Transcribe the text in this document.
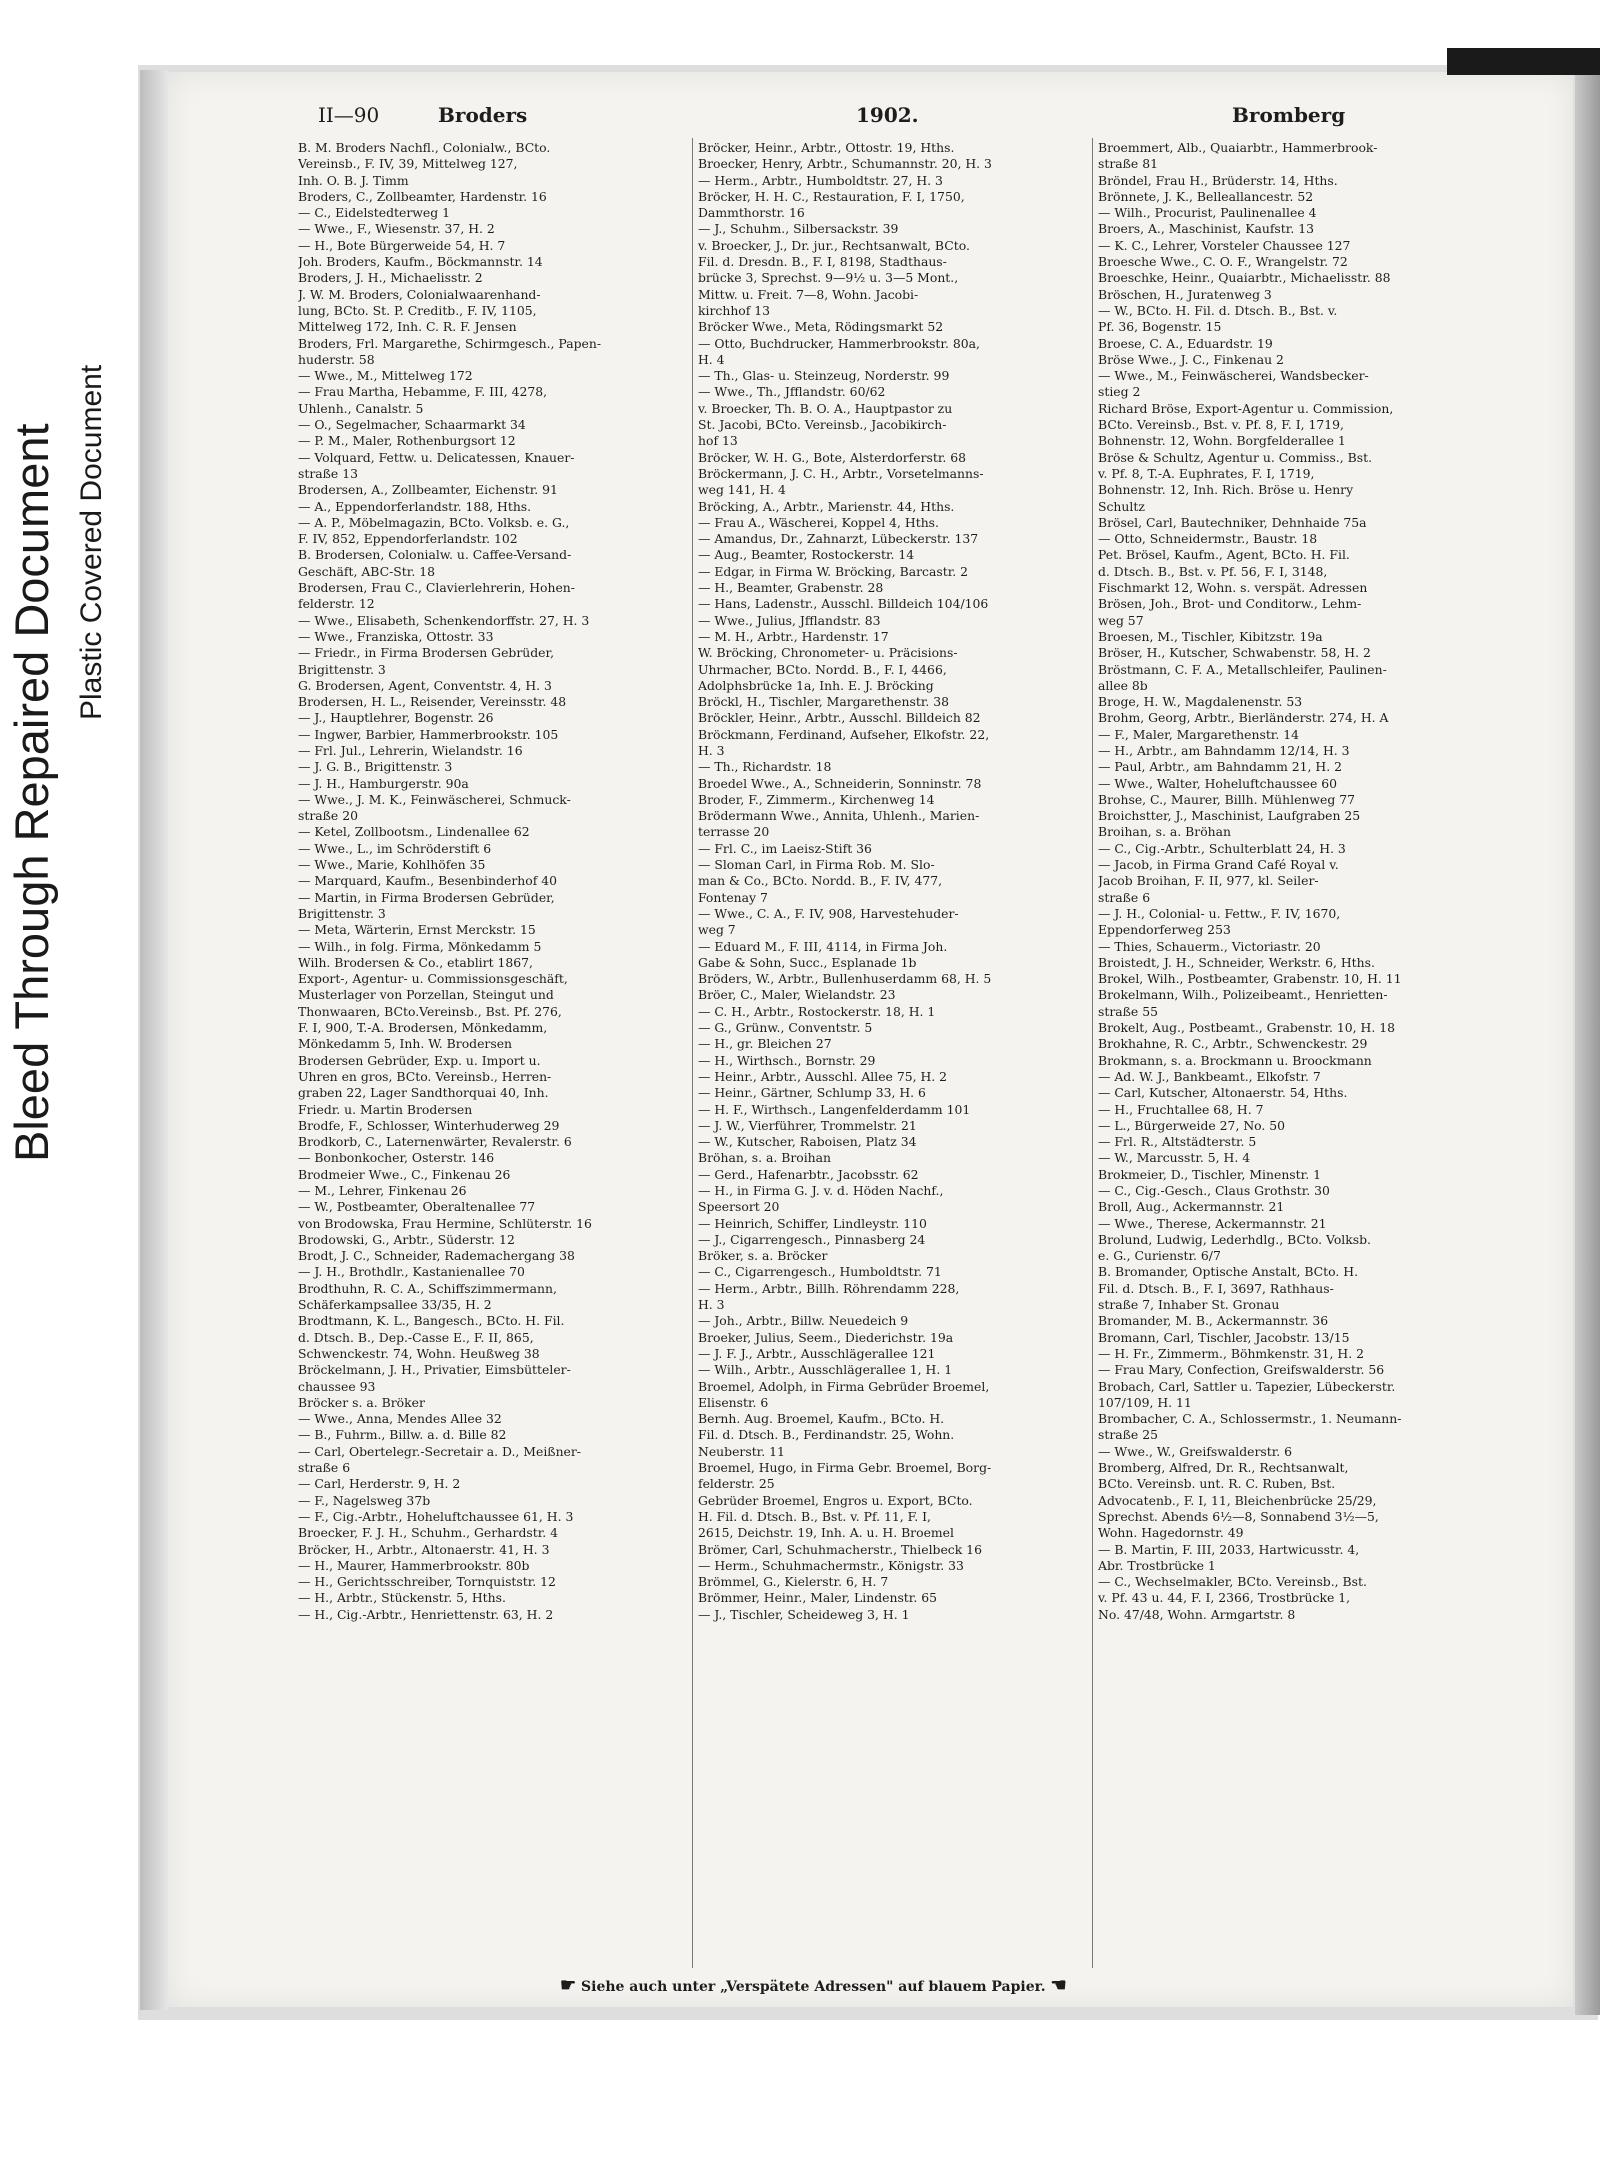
Bleed Through Repaired Document Plastic Covered Document
II—90	Broders	1902.	Bromberg
B. M. Broders Nachfl., Colonialw., BCto.
Vereinsb., F. IV, 39, Mittelweg 127,
Inh. O. B. J. Timm
Broders, C., Zollbeamter, Hardenstr. 16
— C., Eidelstedterweg 1
— Wwe., F., Wiesenstr. 37, H. 2
— H., Bote Bürgerweide 54, H. 7
Joh. Broders, Kaufm., Böckmannstr. 14
Broders, J. H., Michaelisstr. 2
J. W. M. Broders, Colonialwaarenhand-
lung, BCto. St. P. Creditb., F. IV, 1105,
Mittelweg 172, Inh. C. R. F. Jensen
Broders, Frl. Margarethe, Schirmgesch., Papen-
huderstr. 58
— Wwe., M., Mittelweg 172
— Frau Martha, Hebamme, F. III, 4278,
Uhlenh., Canalstr. 5
— O., Segelmacher, Schaarmarkt 34
— P. M., Maler, Rothenburgsort 12
— Volquard, Fettw. u. Delicatessen, Knauer-
straße 13
Brodersen, A., Zollbeamter, Eichenstr. 91
— A., Eppendorferlandstr. 188, Hths.
— A. P., Möbelmagazin, BCto. Volksb. e. G.,
F. IV, 852, Eppendorferlandstr. 102
B. Brodersen, Colonialw. u. Caffee-Versand-
Geschäft, ABC-Str. 18
Brodersen, Frau C., Clavierlehrerin, Hohen-
felderstr. 12
— Wwe., Elisabeth, Schenkendorffstr. 27, H. 3
— Wwe., Franziska, Ottostr. 33
— Friedr., in Firma Brodersen Gebrüder,
Brigittenstr. 3
G. Brodersen, Agent, Conventstr. 4, H. 3
Brodersen, H. L., Reisender, Vereinsstr. 48
— J., Hauptlehrer, Bogenstr. 26
— Ingwer, Barbier, Hammerbrookstr. 105
— Frl. Jul., Lehrerin, Wielandstr. 16
— J. G. B., Brigittenstr. 3
— J. H., Hamburgerstr. 90a
— Wwe., J. M. K., Feinwäscherei, Schmuck-
straße 20
— Ketel, Zollbootsm., Lindenallee 62
— Wwe., L., im Schröderstift 6
— Wwe., Marie, Kohlhöfen 35
— Marquard, Kaufm., Besenbinderhof 40
— Martin, in Firma Brodersen Gebrüder,
Brigittenstr. 3
— Meta, Wärterin, Ernst Merckstr. 15
— Wilh., in folg. Firma, Mönkedamm 5
Wilh. Brodersen & Co., etablirt 1867,
Export-, Agentur- u. Commissionsgeschäft,
Musterlager von Porzellan, Steingut und
Thonwaaren, BCto.Vereinsb., Bst. Pf. 276,
F. I, 900, T.-A. Brodersen, Mönkedamm,
Mönkedamm 5, Inh. W. Brodersen
Brodersen Gebrüder, Exp. u. Import u.
Uhren en gros, BCto. Vereinsb., Herren-
graben 22, Lager Sandthorquai 40, Inh.
Friedr. u. Martin Brodersen
Brodfe, F., Schlosser, Winterhuderweg 29
Brodkorb, C., Laternenwärter, Revalerstr. 6
— Bonbonkocher, Osterstr. 146
Brodmeier Wwe., C., Finkenau 26
— M., Lehrer, Finkenau 26
— W., Postbeamter, Oberaltenallee 77
von Brodowska, Frau Hermine, Schlüterstr. 16
Brodowski, G., Arbtr., Süderstr. 12
Brodt, J. C., Schneider, Rademachergang 38
— J. H., Brothdlr., Kastanienallee 70
Brodthuhn, R. C. A., Schiffszimmermann,
Schäferkampsallee 33/35, H. 2
Brodtmann, K. L., Bangesch., BCto. H. Fil.
d. Dtsch. B., Dep.-Casse E., F. II, 865,
Schwenckestr. 74, Wohn. Heußweg 38
Bröckelmann, J. H., Privatier, Eimsbütteler-
chaussee 93
Bröcker s. a. Bröker
— Wwe., Anna, Mendes Allee 32
— B., Fuhrm., Billw. a. d. Bille 82
— Carl, Obertelegr.-Secretair a. D., Meißner-
straße 6
— Carl, Herderstr. 9, H. 2
— F., Nagelsweg 37b
— F., Cig.-Arbtr., Hoheluftchaussee 61, H. 3
Broecker, F. J. H., Schuhm., Gerhardstr. 4
Bröcker, H., Arbtr., Altonaerstr. 41, H. 3
— H., Maurer, Hammerbrookstr. 80b
— H., Gerichtsschreiber, Tornquiststr. 12
— H., Arbtr., Stückenstr. 5, Hths.
— H., Cig.-Arbtr., Henriettenstr. 63, H. 2
Bröcker, Heinr., Arbtr., Ottostr. 19, Hths.
Broecker, Henry, Arbtr., Schumannstr. 20, H. 3
— Herm., Arbtr., Humboldtstr. 27, H. 3
Bröcker, H. H. C., Restauration, F. I, 1750,
Dammthorstr. 16
— J., Schuhm., Silbersackstr. 39
v. Broecker, J., Dr. jur., Rechtsanwalt, BCto.
Fil. d. Dresdn. B., F. I, 8198, Stadthaus-
brücke 3, Sprechst. 9—9½ u. 3—5 Mont.,
Mittw. u. Freit. 7—8, Wohn. Jacobi-
kirchhof 13
Bröcker Wwe., Meta, Rödingsmarkt 52
— Otto, Buchdrucker, Hammerbrookstr. 80a,
H. 4
— Th., Glas- u. Steinzeug, Norderstr. 99
— Wwe., Th., Jfflandstr. 60/62
v. Broecker, Th. B. O. A., Hauptpastor zu
St. Jacobi, BCto. Vereinsb., Jacobikirch-
hof 13
Bröcker, W. H. G., Bote, Alsterdorferstr. 68
Bröckermann, J. C. H., Arbtr., Vorsetelmanns-
weg 141, H. 4
Bröcking, A., Arbtr., Marienstr. 44, Hths.
— Frau A., Wäscherei, Koppel 4, Hths.
— Amandus, Dr., Zahnarzt, Lübeckerstr. 137
— Aug., Beamter, Rostockerstr. 14
— Edgar, in Firma W. Bröcking, Barcastr. 2
— H., Beamter, Grabenstr. 28
— Hans, Ladenstr., Ausschl. Billdeich 104/106
— Wwe., Julius, Jfflandstr. 83
— M. H., Arbtr., Hardenstr. 17
W. Bröcking, Chronometer- u. Präcisions-
Uhrmacher, BCto. Nordd. B., F. I, 4466,
Adolphsbrücke 1a, Inh. E. J. Bröcking
Bröckl, H., Tischler, Margarethenstr. 38
Bröckler, Heinr., Arbtr., Ausschl. Billdeich 82
Bröckmann, Ferdinand, Aufseher, Elkofstr. 22,
H. 3
— Th., Richardstr. 18
Broedel Wwe., A., Schneiderin, Sonninstr. 78
Broder, F., Zimmerm., Kirchenweg 14
Brödermann Wwe., Annita, Uhlenh., Marien-
terrasse 20
— Frl. C., im Laeisz-Stift 36
— Sloman Carl, in Firma Rob. M. Slo-
man & Co., BCto. Nordd. B., F. IV, 477,
Fontenay 7
— Wwe., C. A., F. IV, 908, Harvestehuder-
weg 7
— Eduard M., F. III, 4114, in Firma Joh.
Gabe & Sohn, Succ., Esplanade 1b
Bröders, W., Arbtr., Bullenhuserdamm 68, H. 5
Bröer, C., Maler, Wielandstr. 23
— C. H., Arbtr., Rostockerstr. 18, H. 1
— G., Grünw., Conventstr. 5
— H., gr. Bleichen 27
— H., Wirthsch., Bornstr. 29
— Heinr., Arbtr., Ausschl. Allee 75, H. 2
— Heinr., Gärtner, Schlump 33, H. 6
— H. F., Wirthsch., Langenfelderdamm 101
— J. W., Vierführer, Trommelstr. 21
— W., Kutscher, Raboisen, Platz 34
Bröhan, s. a. Broihan
— Gerd., Hafenarbtr., Jacobsstr. 62
— H., in Firma G. J. v. d. Höden Nachf.,
Speersort 20
— Heinrich, Schiffer, Lindleystr. 110
— J., Cigarrengesch., Pinnasberg 24
Bröker, s. a. Bröcker
— C., Cigarrengesch., Humboldtstr. 71
— Herm., Arbtr., Billh. Röhrendamm 228,
H. 3
— Joh., Arbtr., Billw. Neuedeich 9
Broeker, Julius, Seem., Diederichstr. 19a
— J. F. J., Arbtr., Ausschlägerallee 121
— Wilh., Arbtr., Ausschlägerallee 1, H. 1
Broemel, Adolph, in Firma Gebrüder Broemel,
Elisenstr. 6
Bernh. Aug. Broemel, Kaufm., BCto. H.
Fil. d. Dtsch. B., Ferdinandstr. 25, Wohn.
Neuberstr. 11
Broemel, Hugo, in Firma Gebr. Broemel, Borg-
felderstr. 25
Gebrüder Broemel, Engros u. Export, BCto.
H. Fil. d. Dtsch. B., Bst. v. Pf. 11, F. I,
2615, Deichstr. 19, Inh. A. u. H. Broemel
Brömer, Carl, Schuhmacherstr., Thielbeck 16
— Herm., Schuhmachermstr., Königstr. 33
Brömmel, G., Kielerstr. 6, H. 7
Brömmer, Heinr., Maler, Lindenstr. 65
— J., Tischler, Scheideweg 3, H. 1
Broemmert, Alb., Quaiarbtr., Hammerbrook-
straße 81
Bröndel, Frau H., Brüderstr. 14, Hths.
Brönnete, J. K., Belleallancestr. 52
— Wilh., Procurist, Paulinenallee 4
Broers, A., Maschinist, Kaufstr. 13
— K. C., Lehrer, Vorsteler Chaussee 127
Broesche Wwe., C. O. F., Wrangelstr. 72
Broeschke, Heinr., Quaiarbtr., Michaelisstr. 88
Bröschen, H., Juratenweg 3
— W., BCto. H. Fil. d. Dtsch. B., Bst. v.
Pf. 36, Bogenstr. 15
Broese, C. A., Eduardstr. 19
Bröse Wwe., J. C., Finkenau 2
— Wwe., M., Feinwäscherei, Wandsbecker-
stieg 2
Richard Bröse, Export-Agentur u. Commission,
BCto. Vereinsb., Bst. v. Pf. 8, F. I, 1719,
Bohnenstr. 12, Wohn. Borgfelderallee 1
Bröse & Schultz, Agentur u. Commiss., Bst.
v. Pf. 8, T.-A. Euphrates, F. I, 1719,
Bohnenstr. 12, Inh. Rich. Bröse u. Henry
Schultz
Brösel, Carl, Bautechniker, Dehnhaide 75a
— Otto, Schneidermstr., Baustr. 18
Pet. Brösel, Kaufm., Agent, BCto. H. Fil.
d. Dtsch. B., Bst. v. Pf. 56, F. I, 3148,
Fischmarkt 12, Wohn. s. verspät. Adressen
Brösen, Joh., Brot- und Conditorw., Lehm-
weg 57
Broesen, M., Tischler, Kibitzstr. 19a
Bröser, H., Kutscher, Schwabenstr. 58, H. 2
Bröstmann, C. F. A., Metallschleifer, Paulinen-
allee 8b
Broge, H. W., Magdalenenstr. 53
Brohm, Georg, Arbtr., Bierländerstr. 274, H. A
— F., Maler, Margarethenstr. 14
— H., Arbtr., am Bahndamm 12/14, H. 3
— Paul, Arbtr., am Bahndamm 21, H. 2
— Wwe., Walter, Hoheluftchaussee 60
Brohse, C., Maurer, Billh. Mühlenweg 77
Broichstter, J., Maschinist, Laufgraben 25
Broihan, s. a. Bröhan
— C., Cig.-Arbtr., Schulterblatt 24, H. 3
— Jacob, in Firma Grand Café Royal v.
Jacob Broihan, F. II, 977, kl. Seiler-
straße 6
— J. H., Colonial- u. Fettw., F. IV, 1670,
Eppendorferweg 253
— Thies, Schauerm., Victoriastr. 20
Broistedt, J. H., Schneider, Werkstr. 6, Hths.
Brokel, Wilh., Postbeamter, Grabenstr. 10, H. 11
Brokelmann, Wilh., Polizeibeamt., Henrietten-
straße 55
Brokelt, Aug., Postbeamt., Grabenstr. 10, H. 18
Brokhahne, R. C., Arbtr., Schwenckestr. 29
Brokmann, s. a. Brockmann u. Broockmann
— Ad. W. J., Bankbeamt., Elkofstr. 7
— Carl, Kutscher, Altonaerstr. 54, Hths.
— H., Fruchtallee 68, H. 7
— L., Bürgerweide 27, No. 50
— Frl. R., Altstädterstr. 5
— W., Marcusstr. 5, H. 4
Brokmeier, D., Tischler, Minenstr. 1
— C., Cig.-Gesch., Claus Grothstr. 30
Broll, Aug., Ackermannstr. 21
— Wwe., Therese, Ackermannstr. 21
Brolund, Ludwig, Lederhdlg., BCto. Volksb.
e. G., Curienstr. 6/7
B. Bromander, Optische Anstalt, BCto. H.
Fil. d. Dtsch. B., F. I, 3697, Rathhaus-
straße 7, Inhaber St. Gronau
Bromander, M. B., Ackermannstr. 36
Bromann, Carl, Tischler, Jacobstr. 13/15
— H. Fr., Zimmerm., Böhmkenstr. 31, H. 2
— Frau Mary, Confection, Greifswalderstr. 56
Brobach, Carl, Sattler u. Tapezier, Lübeckerstr.
107/109, H. 11
Brombacher, C. A., Schlossermstr., 1. Neumann-
straße 25
— Wwe., W., Greifswalderstr. 6
Bromberg, Alfred, Dr. R., Rechtsanwalt,
BCto. Vereinsb. unt. R. C. Ruben, Bst.
Advocatenb., F. I, 11, Bleichenbrücke 25/29,
Sprechst. Abends 6½—8, Sonnabend 3½—5,
Wohn. Hagedornstr. 49
— B. Martin, F. III, 2033, Hartwicusstr. 4,
Abr. Trostbrücke 1
— C., Wechselmakler, BCto. Vereinsb., Bst.
v. Pf. 43 u. 44, F. I, 2366, Trostbrücke 1,
No. 47/48, Wohn. Armgartstr. 8
☛ Siehe auch unter „Verspätete Adressen" auf blauem Papier. ☚
